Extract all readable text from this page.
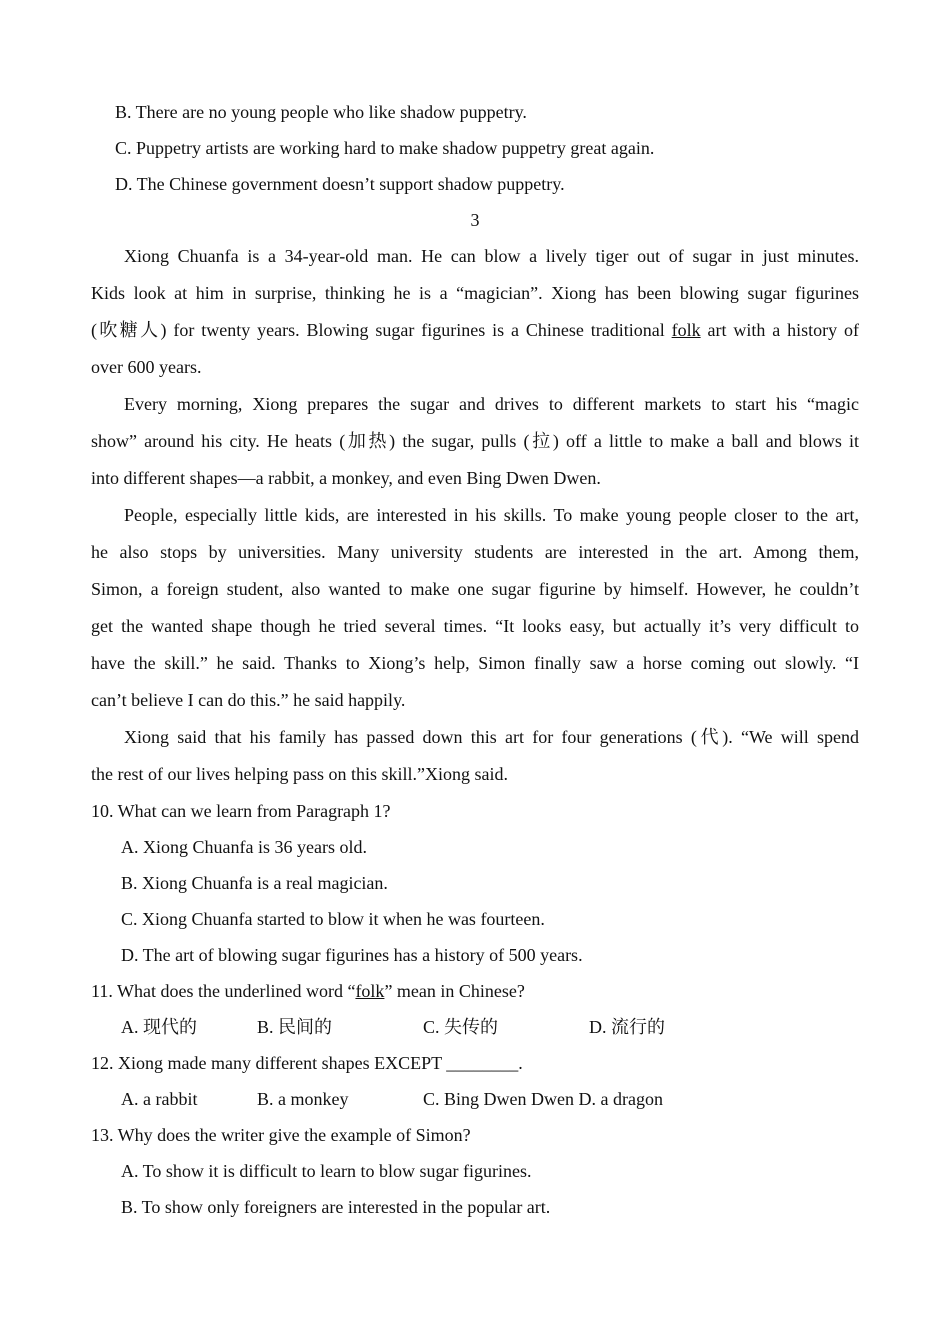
B. There are no young people who like shadow puppetry.
C. Puppetry artists are working hard to make shadow puppetry great again.
D. The Chinese government doesn’t support shadow puppetry.
3
Xiong Chuanfa is a 34-year-old man. He can blow a lively tiger out of sugar in just minutes.
Kids look at him in surprise, thinking he is a “magician”. Xiong has been blowing sugar figurines
(吹糖人) for twenty years. Blowing sugar figurines is a Chinese traditional folk art with a history of
over 600 years.
Every morning, Xiong prepares the sugar and drives to different markets to start his “magic
show” around his city. He heats (加热) the sugar, pulls (拉) off a little to make a ball and blows it
into different shapes—a rabbit, a monkey, and even Bing Dwen Dwen.
People, especially little kids, are interested in his skills. To make young people closer to the art,
he also stops by universities. Many university students are interested in the art. Among them,
Simon, a foreign student, also wanted to make one sugar figurine by himself. However, he couldn’t
get the wanted shape though he tried several times. “It looks easy, but actually it’s very difficult to
have the skill.” he said. Thanks to Xiong’s help, Simon finally saw a horse coming out slowly. “I
can’t believe I can do this.” he said happily.
Xiong said that his family has passed down this art for four generations (代). “We will spend
the rest of our lives helping pass on this skill.”Xiong said.
10. What can we learn from Paragraph 1?
A. Xiong Chuanfa is 36 years old.
B. Xiong Chuanfa is a real magician.
C. Xiong Chuanfa started to blow it when he was fourteen.
D. The art of blowing sugar figurines has a history of 500 years.
11. What does the underlined word “folk” mean in Chinese?
A. 现代的	B. 民间的	C. 失传的	D. 流行的
12. Xiong made many different shapes EXCEPT ________.
A. a rabbit	B. a monkey	C. Bing Dwen Dwen
D. a dragon
13. Why does the writer give the example of Simon?
A. To show it is difficult to learn to blow sugar figurines.
B. To show only foreigners are interested in the popular art.
